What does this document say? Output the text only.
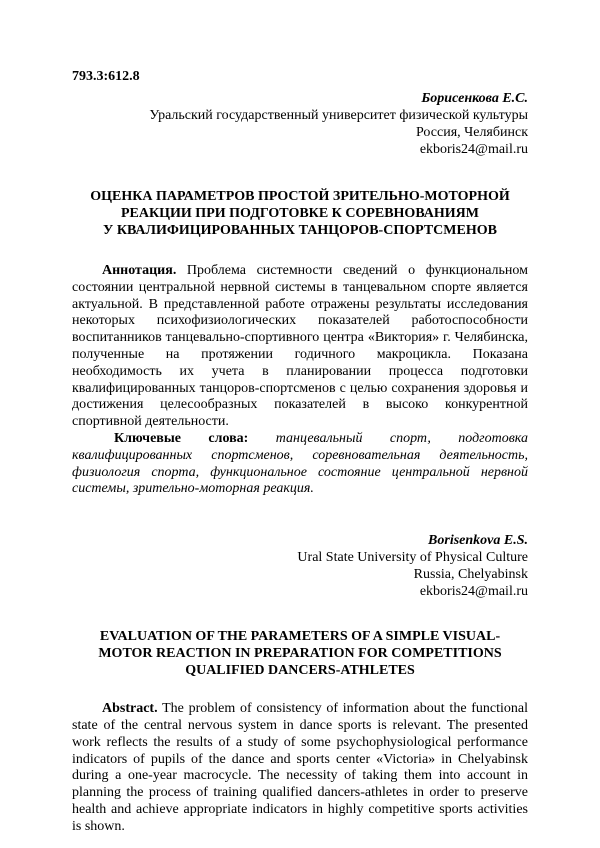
793.3:612.8
Борисенкова Е.С.
Уральский государственный университет физической культуры
Россия, Челябинск
ekboris24@mail.ru
ОЦЕНКА ПАРАМЕТРОВ ПРОСТОЙ ЗРИТЕЛЬНО-МОТОРНОЙ
РЕАКЦИИ ПРИ ПОДГОТОВКЕ К СОРЕВНОВАНИЯМ
У КВАЛИФИЦИРОВАННЫХ ТАНЦОРОВ-СПОРТСМЕНОВ

Аннотация. Проблема системности сведений о функциональном состоянии центральной нервной системы в танцевальном спорте является актуальной. В представленной работе отражены результаты исследования некоторых психофизиологических показателей работоспособности воспитанников танцевально-спортивного центра «Виктория» г. Челябинска, полученные на протяжении годичного макроцикла. Показана необходимость их учета в планировании процесса подготовки квалифицированных танцоров-спортсменов с целью сохранения здоровья и достижения целесообразных показателей в высоко конкурентной спортивной деятельности.

Ключевые слова: танцевальный спорт, подготовка квалифицированных спортсменов, соревновательная деятельность, физиология спорта, функциональное состояние центральной нервной системы, зрительно-моторная реакция.

Borisenkova E.S.
Ural State University of Physical Culture
Russia, Chelyabinsk
ekboris24@mail.ru
EVALUATION OF THE PARAMETERS OF A SIMPLE VISUAL-
MOTOR REACTION IN PREPARATION FOR COMPETITIONS
QUALIFIED DANCERS-ATHLETES

Abstract. The problem of consistency of information about the functional state of the central nervous system in dance sports is relevant. The presented work reflects the results of a study of some psychophysiological performance indicators of pupils of the dance and sports center «Victoria» in Chelyabinsk during a one-year macrocycle. The necessity of taking them into account in planning the process of training qualified dancers-athletes in order to preserve health and achieve appropriate indicators in highly competitive sports activities is shown.
